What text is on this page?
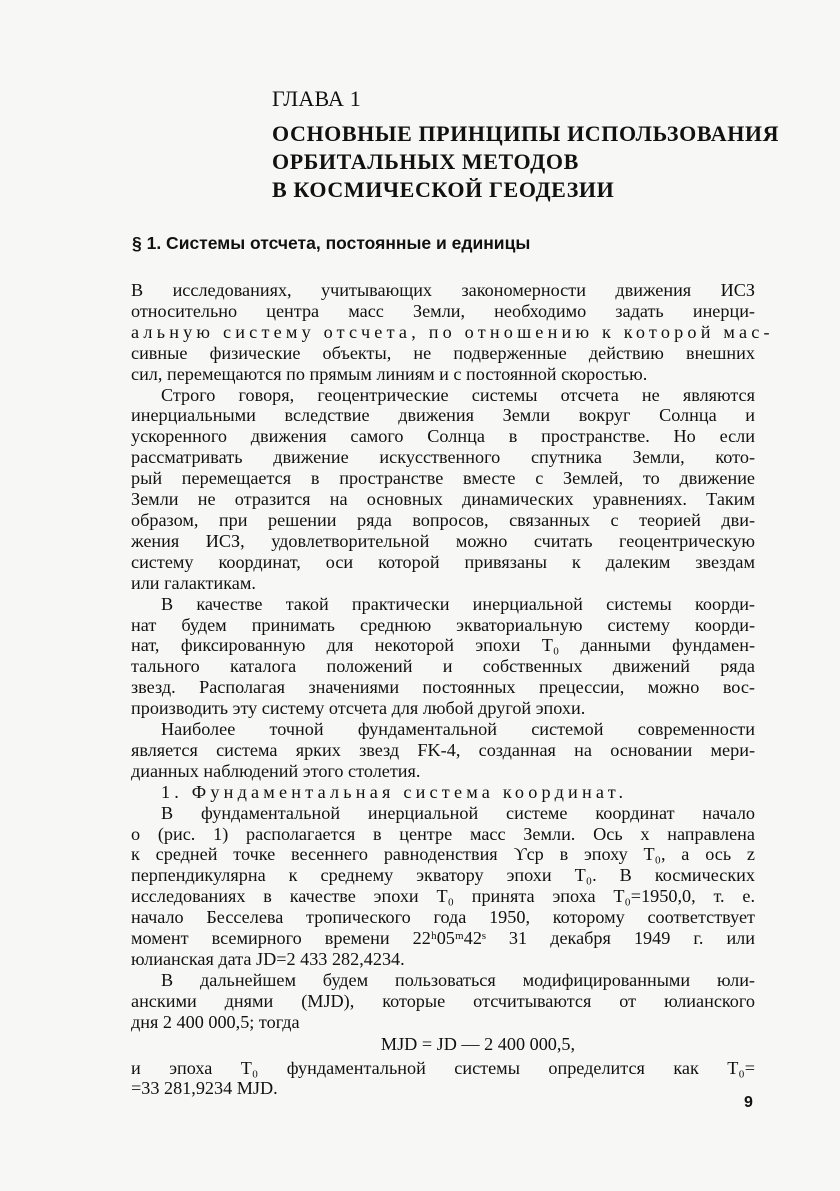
ГЛАВА 1
ОСНОВНЫЕ ПРИНЦИПЫ ИСПОЛЬЗОВАНИЯ
ОРБИТАЛЬНЫХ МЕТОДОВ
В КОСМИЧЕСКОЙ ГЕОДЕЗИИ
§ 1. Системы отсчета, постоянные и единицы
В исследованиях, учитывающих закономерности движения ИСЗ
относительно центра масс Земли, необходимо задать инерци-
альную систему отсчета, по отношению к которой мас-
сивные физические объекты, не подверженные действию внешних
сил, перемещаются по прямым линиям и с постоянной скоростью.
Строго говоря, геоцентрические системы отсчета не являются
инерциальными вследствие движения Земли вокруг Солнца и
ускоренного движения самого Солнца в пространстве. Но если
рассматривать движение искусственного спутника Земли, кото-
рый перемещается в пространстве вместе с Землей, то движение
Земли не отразится на основных динамических уравнениях. Таким
образом, при решении ряда вопросов, связанных с теорией дви-
жения ИСЗ, удовлетворительной можно считать геоцентрическую
систему координат, оси которой привязаны к далеким звездам
или галактикам.
В качестве такой практически инерциальной системы коорди-
нат будем принимать среднюю экваториальную систему коорди-
нат, фиксированную для некоторой эпохи T₀ данными фундамен-
тального каталога положений и собственных движений ряда
звезд. Располагая значениями постоянных прецессии, можно вос-
производить эту систему отсчета для любой другой эпохи.
Наиболее точной фундаментальной системой современности
является система ярких звезд FK-4, созданная на основании мери-
дианных наблюдений этого столетия.
1. Фундаментальная система координат.
В фундаментальной инерциальной системе координат начало
o (рис. 1) располагается в центре масс Земли. Ось x направлена
к средней точке весеннего равноденствия ϒср в эпоху T₀, а ось z
перпендикулярна к среднему экватору эпохи T₀. В космических
исследованиях в качестве эпохи T₀ принята эпоха T₀=1950,0, т. е.
начало Бесселева тропического года 1950, которому соответствует
момент всемирного времени 22ʰ05ᵐ42ˢ 31 декабря 1949 г. или
юлианская дата JD=2 433 282,4234.
В дальнейшем будем пользоваться модифицированными юли-
анскими днями (MJD), которые отсчитываются от юлианского
дня 2 400 000,5; тогда
MJD = JD — 2 400 000,5,
и эпоха T₀ фундаментальной системы определится как T₀=
=33 281,9234 MJD.
9
